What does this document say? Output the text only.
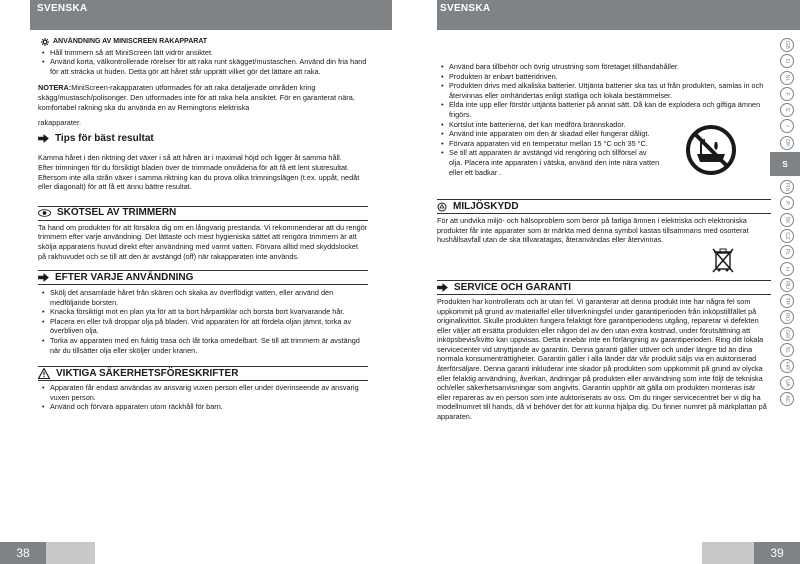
SVENSKA
ANVÄNDNING AV MINISCREEN RAKAPPARAT
• Håll trimmern så att MiniScreen lätt vidrör ansiktet.
• Använd korta, välkontrollerade rörelser för att raka runt skägget/mustaschen. Använd din fria hand för att sträcka ut huden. Detta gör att håret står upprätt vilket gör det lättare att raka.

NOTERA:MiniScreen-rakapparaten utformades för att raka detaljerade områden kring skägg/mustasch/polisonger. Den utformades inte för att raka hela ansiktet. För en garanterat nära, komfortabel rakning ska du använda en av Remingtons elektriska

rakapparater.

Tips för bäst resultat

Kamma håret i den riktning det växer i så att håren är i maximal höjd och ligger åt samma håll.

Efter trimningen för du försiktigt bladen över de trimmade områdena för att få ett lent slutresultat.

Eftersom inte alla strån växer i samma riktning kan du prova olika trimningslägen (t.ex. uppåt, nedåt eller diagonalt) för att få ett ännu bättre resultat.

SKÖTSEL AV TRIMMERN

Ta hand om produkten för att försäkra dig om en långvarig prestanda. Vi rekommenderar att du rengör trimmern efter varje användning. Det lättaste och mest hygieniska sättet att rengöra trimmern är att skölja apparatens huvud direkt efter användning med varmt vatten. Förvara alltid med skyddslocket på rakhuvudet och se till att den är avstängd (off) när rakapparaten inte används.

EFTER VARJE ANVÄNDNING
• Skölj det ansamlade håret från skären och skaka av överflödigt vatten, eller använd den medföljande borsten.
• Knacka försiktigt mot en plan yta för att ta bort hårpartiklar och borsta bort kvarvarande hår.
• Placera en eller två droppar olja på bladen. Vrid apparaten för att fördela oljan jämnt, torka av överbliven olja.
• Torka av apparaten med en fuktig trasa och låt torka omedelbart. Se till att trimmern är avstängd när du tillsätter olja eller sköljer under kranen.
VIKTIGA SÄKERHETSFÖRESKRIFTER
• Apparaten får endast användas av ansvarig vuxen person eller under överinseende av ansvarig vuxen person.
• Använd och förvara apparaten utom räckhåll för barn.
38
SVENSKA
• Använd bara tillbehör och övrig utrustning som företaget tillhandahåller.
• Produkten är enbart batteridriven.
• Produkten drivs med alkaliska batterier. Uttjänta batterier ska tas ut från produkten, samlas in och återvinnas eller omhändertas enligt statliga och lokala bestämmelser.
• Elda inte upp eller förstör uttjänta batterier på annat sätt. Då kan de explodera och giftiga ämnen frigörs.
• Kortslut inte batterierna, det kan medföra brännskador.
• Använd inte apparaten om den är skadad eller fungerar dåligt.
• Förvara apparaten vid en temperatur mellan 15 °C och 35 °C.
• Se till att apparaten är avstängd vid rengöring och tillförsel av olja. Placera inte apparaten i vätska, använd den inte nära vatten eller ett badkar .
MILJÖSKYDD

För att undvika miljö- och hälsoproblem som beror på farliga ämnen i elektriska och elektroniska produkter får inte apparater som är märkta med denna symbol kastas tillsammans med osorterat hushållsavfall utan de ska tillvaratagas, återanvändas eller återvinnas.

SERVICE OCH GARANTI

Produkten har kontrollerats och är utan fel. Vi garanterar att denna produkt inte har några fel som uppkommit på grund av materialfel eller tillverkningsfel under garantiperioden från inköpstillfället på originalkvittot. Skulle produkten fungera felaktigt före garantiperiodens utgång, reparerar vi defekten eller väljer att ersätta produkten eller någon del av den utan extra kostnad, under förutsättning att inköpsbevis/kvitto kan uppvisas. Detta innebär inte en förlängning av garantiperioden. Ring ditt lokala servicecenter vid utnyttjande av garantin. Denna garanti gäller utöver och under längre tid än dina normala konsumenträttigheter. Garantin gäller i alla länder där vår produkt säljs via en auktoriserad återförsäljare. Denna garanti inkluderar inte skador på produkten som uppkommit på grund av olycka eller felaktig användning, åverkan, ändringar på produkten eller användning som inte följt de tekniska och/eller säkerhetsanvisningar som angivits. Garantin upphör att gälla om produkten monteras isär eller repareras av en person som inte auktoriserats av oss. Om du ringer servicecentret ber vi dig ha modellnumret till hands, då vi behöver det för att kunna hjälpa dig. Du finner numret på märkplattan på apparaten.

GB
D
NL
F
E
I
DK
S
FIN
P
SK
CZ
PL
H
RU
TR
RO
GR
SL
HR
UA
AE
39
